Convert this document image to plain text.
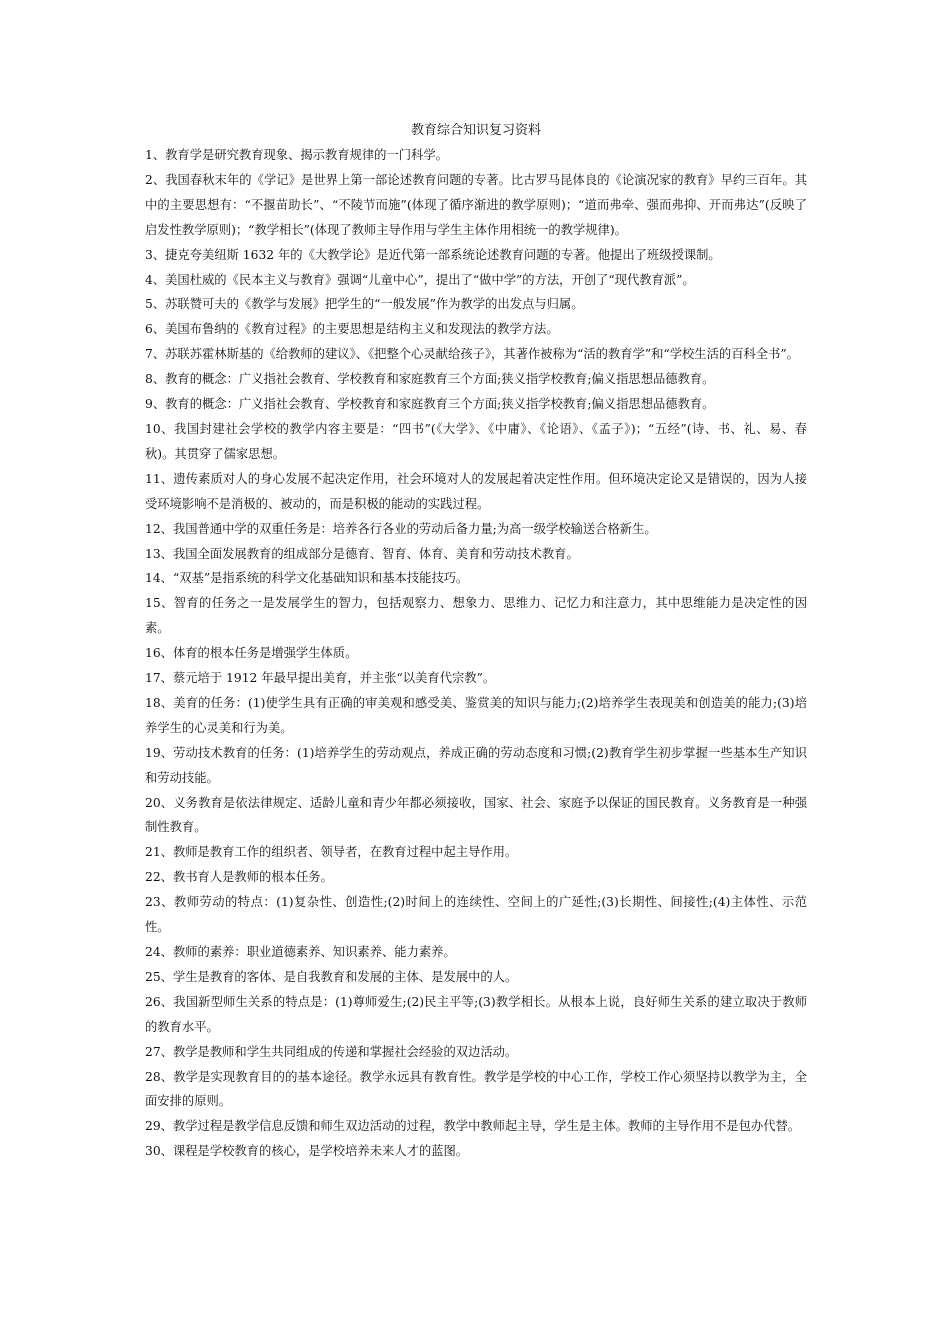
教育综合知识复习资料
1、教育学是研究教育现象、揭示教育规律的一门科学。
2、我国春秋末年的《学记》是世界上第一部论述教育问题的专著。比古罗马昆体良的《论演况家的教育》早约三百年。其中的主要思想有：“不揠苗助长”、“不陵节而施”(体现了循序渐进的教学原则)；“道而弗牵、强而弗抑、开而弗达”(反映了启发性教学原则)；“教学相长”(体现了教师主导作用与学生主体作用相统一的教学规律)。
3、捷克夸美纽斯 1632 年的《大教学论》是近代第一部系统论述教育问题的专著。他提出了班级授课制。
4、美国杜威的《民本主义与教育》强调“儿童中心”，提出了“做中学”的方法，开创了“现代教育派”。
5、苏联赞可夫的《教学与发展》把学生的“一般发展”作为教学的出发点与归属。
6、美国布鲁纳的《教育过程》的主要思想是结构主义和发现法的教学方法。
7、苏联苏霍林斯基的《给教师的建议》、《把整个心灵献给孩子》，其著作被称为“活的教育学”和“学校生活的百科全书”。
8、教育的概念：广义指社会教育、学校教育和家庭教育三个方面;狭义指学校教育;偏义指思想品德教育。
9、教育的概念：广义指社会教育、学校教育和家庭教育三个方面;狭义指学校教育;偏义指思想品德教育。
10、我国封建社会学校的教学内容主要是：“四书”(《大学》、《中庸》、《论语》、《孟子》)；“五经”(诗、书、礼、易、春秋)。其贯穿了儒家思想。
11、遗传素质对人的身心发展不起决定作用，社会环境对人的发展起着决定性作用。但环境决定论又是错误的，因为人接受环境影响不是消极的、被动的，而是积极的能动的实践过程。
12、我国普通中学的双重任务是：培养各行各业的劳动后备力量;为高一级学校输送合格新生。
13、我国全面发展教育的组成部分是德育、智育、体育、美育和劳动技术教育。
14、“双基”是指系统的科学文化基础知识和基本技能技巧。
15、智育的任务之一是发展学生的智力，包括观察力、想象力、思维力、记忆力和注意力，其中思维能力是决定性的因素。
16、体育的根本任务是增强学生体质。
17、蔡元培于 1912 年最早提出美育，并主张“以美育代宗教”。
18、美育的任务：(1)使学生具有正确的审美观和感受美、鉴赏美的知识与能力;(2)培养学生表现美和创造美的能力;(3)培养学生的心灵美和行为美。
19、劳动技术教育的任务：(1)培养学生的劳动观点，养成正确的劳动态度和习惯;(2)教育学生初步掌握一些基本生产知识和劳动技能。
20、义务教育是依法律规定、适龄儿童和青少年都必须接收，国家、社会、家庭予以保证的国民教育。义务教育是一种强制性教育。
21、教师是教育工作的组织者、领导者，在教育过程中起主导作用。
22、教书育人是教师的根本任务。
23、教师劳动的特点：(1)复杂性、创造性;(2)时间上的连续性、空间上的广延性;(3)长期性、间接性;(4)主体性、示范性。
24、教师的素养：职业道德素养、知识素养、能力素养。
25、学生是教育的客体、是自我教育和发展的主体、是发展中的人。
26、我国新型师生关系的特点是：(1)尊师爱生;(2)民主平等;(3)教学相长。从根本上说，良好师生关系的建立取决于教师的教育水平。
27、教学是教师和学生共同组成的传递和掌握社会经验的双边活动。
28、教学是实现教育目的的基本途径。教学永远具有教育性。教学是学校的中心工作，学校工作心须坚持以教学为主，全面安排的原则。
29、教学过程是教学信息反馈和师生双边活动的过程，教学中教师起主导，学生是主体。教师的主导作用不是包办代替。
30、课程是学校教育的核心，是学校培养未来人才的蓝图。
